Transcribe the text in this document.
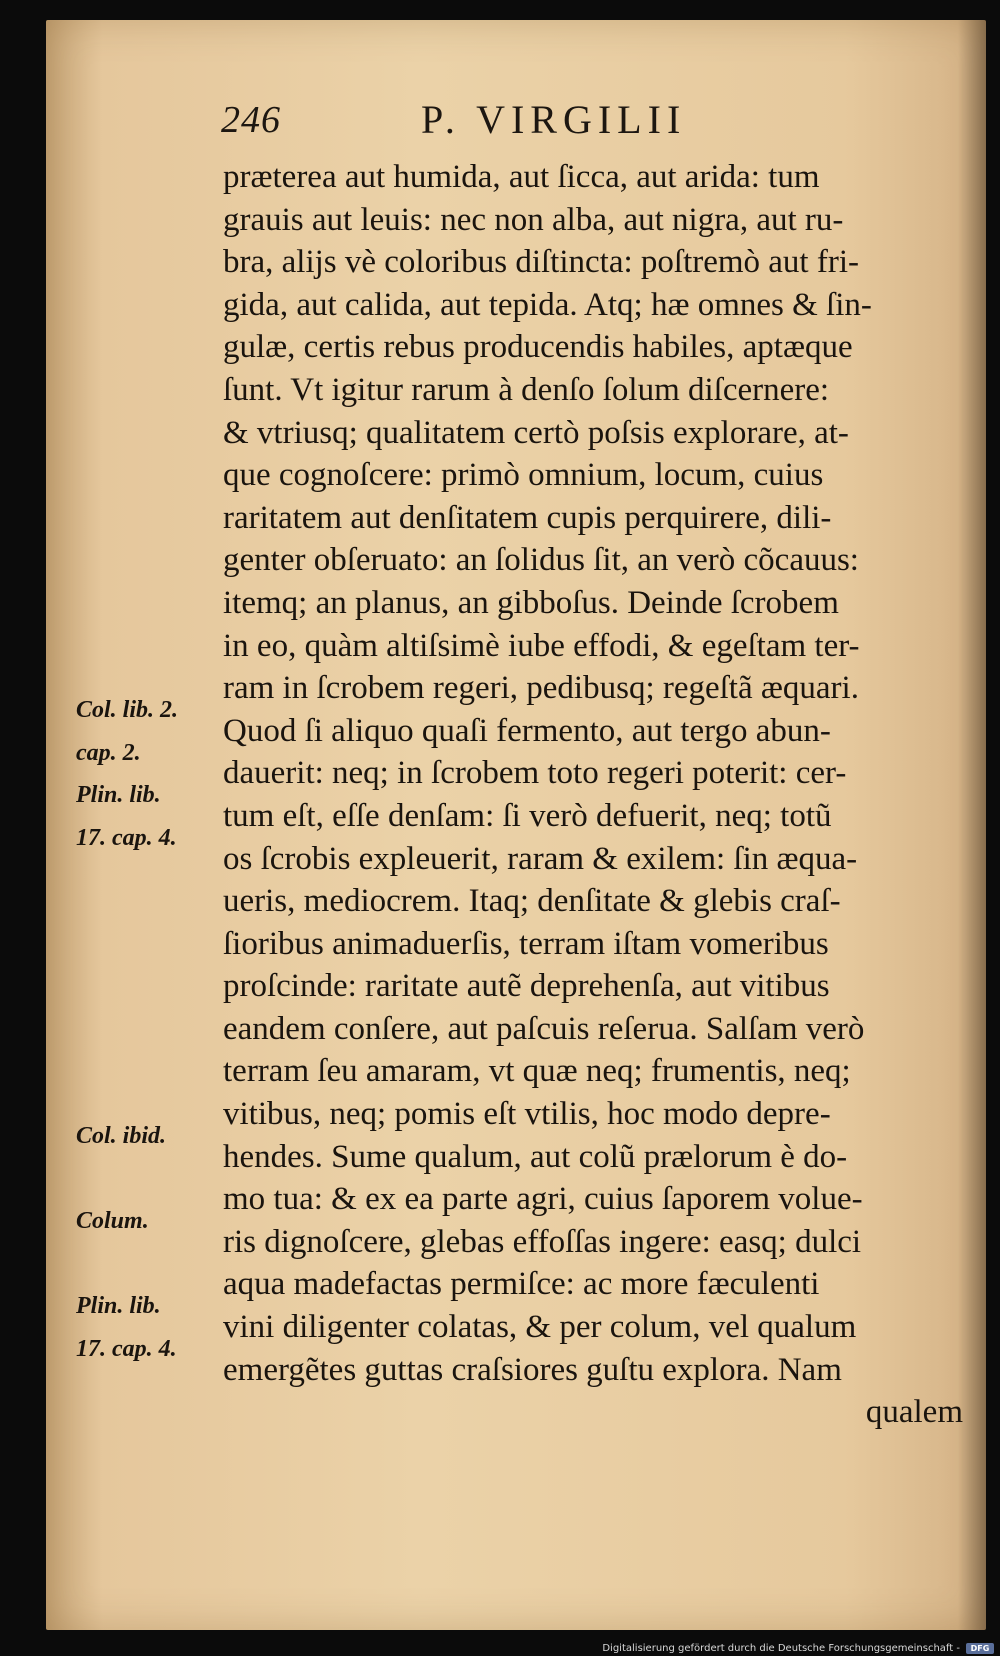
246	P. VIRGILII
Col. lib. 2.
cap. 2.
Plin. lib.
17. cap. 4.
Col. ibid.
Colum.
Plin. lib.
17. cap. 4.
præterea aut humida, aut ſicca, aut arida: tum
grauis aut leuis: nec non alba, aut nigra, aut ru-
bra, alijs vè coloribus diſtincta: poſtremò aut fri-
gida, aut calida, aut tepida. Atq; hæ omnes & ſin-
gulæ, certis rebus producendis habiles, aptæque
ſunt. Vt igitur rarum à denſo ſolum diſcernere:
& vtriusq; qualitatem certò poſsis explorare, at-
que cognoſcere: primò omnium, locum, cuius
raritatem aut denſitatem cupis perquirere, dili-
genter obſeruato: an ſolidus ſit, an verò cõcauus:
itemq; an planus, an gibboſus. Deinde ſcrobem
in eo, quàm altiſsimè iube effodi, & egeſtam ter-
ram in ſcrobem regeri, pedibusq; regeſtã æquari.
Quod ſi aliquo quaſi fermento, aut tergo abun-
dauerit: neq; in ſcrobem toto regeri poterit: cer-
tum eſt, eſſe denſam: ſi verò defuerit, neq; totũ
os ſcrobis expleuerit, raram & exilem: ſin æqua-
ueris, mediocrem. Itaq; denſitate & glebis craſ-
ſioribus animaduerſis, terram iſtam vomeribus
proſcinde: raritate autẽ deprehenſa, aut vitibus
eandem conſere, aut paſcuis reſerua. Salſam verò
terram ſeu amaram, vt quæ neq; frumentis, neq;
vitibus, neq; pomis eſt vtilis, hoc modo depre-
hendes. Sume qualum, aut colũ prælorum è do-
mo tua: & ex ea parte agri, cuius ſaporem volue-
ris dignoſcere, glebas effoſſas ingere: easq; dulci
aqua madefactas permiſce: ac more fæculenti
vini diligenter colatas, & per colum, vel qualum
emergẽtes guttas craſsiores guſtu explora. Nam
qualem
Digitalisierung gefördert durch die Deutsche Forschungsgemeinschaft -	DFG
